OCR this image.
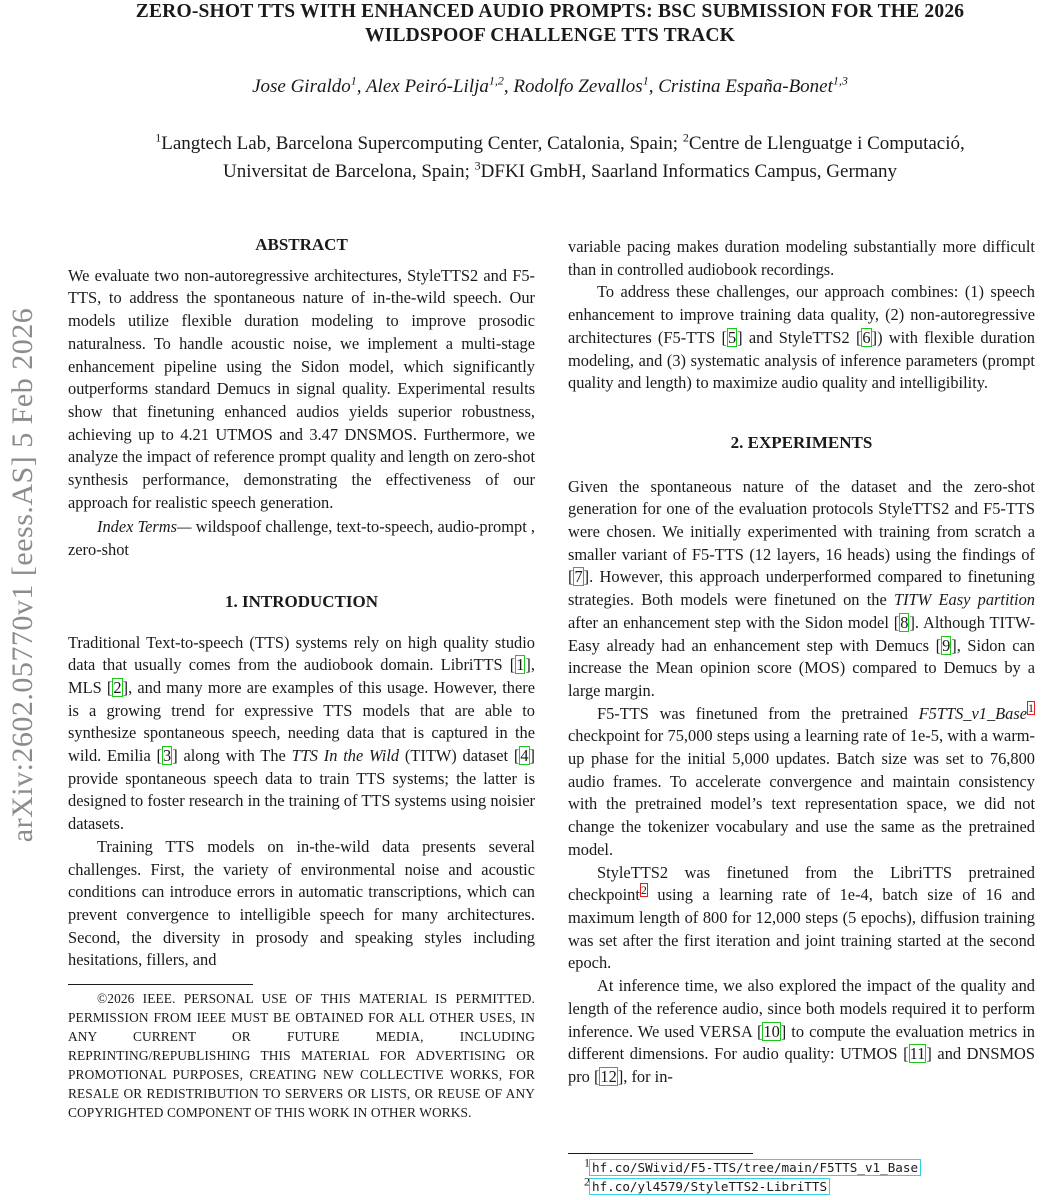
ZERO-SHOT TTS WITH ENHANCED AUDIO PROMPTS: BSC SUBMISSION FOR THE 2026
WILDSPOOF CHALLENGE TTS TRACK
Jose Giraldo$^1$, Alex Peiró-Lilja$^{1,2}$, Rodolfo Zevallos$^1$, Cristina España-Bonet$^{1,3}$
$^1$Langtech Lab, Barcelona Supercomputing Center, Catalonia, Spain; $^2$Centre de Llenguatge i Computació,
Universitat de Barcelona, Spain; $^3$DFKI GmbH, Saarland Informatics Campus, Germany
arXiv:2602.05770v1 [eess.AS] 5 Feb 2026
ABSTRACT

We evaluate two non-autoregressive architectures, StyleTTS2 and F5-TTS, to address the spontaneous nature of in-the-wild speech. Our models utilize flexible duration modeling to improve prosodic naturalness. To handle acoustic noise, we implement a multi-stage enhancement pipeline using the Sidon model, which significantly outperforms standard Demucs in signal quality. Experimental results show that finetuning enhanced audios yields superior robustness, achieving up to 4.21 UTMOS and 3.47 DNSMOS. Furthermore, we analyze the impact of reference prompt quality and length on zero-shot synthesis performance, demonstrating the effectiveness of our approach for realistic speech generation.

Index Terms— wildspoof challenge, text-to-speech, audio-prompt , zero-shot

1. INTRODUCTION

Traditional Text-to-speech (TTS) systems rely on high quality studio data that usually comes from the audiobook domain. LibriTTS [1], MLS [2], and many more are examples of this usage. However, there is a growing trend for expressive TTS models that are able to synthesize spontaneous speech, needing data that is captured in the wild. Emilia [3] along with The TTS In the Wild (TITW) dataset [4] provide spontaneous speech data to train TTS systems; the latter is designed to foster research in the training of TTS systems using noisier datasets.

Training TTS models on in-the-wild data presents several challenges. First, the variety of environmental noise and acoustic conditions can introduce errors in automatic transcriptions, which can prevent convergence to intelligible speech for many architectures. Second, the diversity in prosody and speaking styles including hesitations, fillers, and

©2026 IEEE. PERSONAL USE OF THIS MATERIAL IS PERMITTED. PERMISSION FROM IEEE MUST BE OBTAINED FOR ALL OTHER USES, IN ANY CURRENT OR FUTURE MEDIA, INCLUDING REPRINTING/REPUBLISHING THIS MATERIAL FOR ADVERTISING OR PROMOTIONAL PURPOSES, CREATING NEW COLLECTIVE WORKS, FOR RESALE OR REDISTRIBUTION TO SERVERS OR LISTS, OR REUSE OF ANY COPYRIGHTED COMPONENT OF THIS WORK IN OTHER WORKS.

variable pacing makes duration modeling substantially more difficult than in controlled audiobook recordings.

To address these challenges, our approach combines: (1) speech enhancement to improve training data quality, (2) non-autoregressive architectures (F5-TTS [5] and StyleTTS2 [6]) with flexible duration modeling, and (3) systematic analysis of inference parameters (prompt quality and length) to maximize audio quality and intelligibility.

2. EXPERIMENTS

Given the spontaneous nature of the dataset and the zero-shot generation for one of the evaluation protocols StyleTTS2 and F5-TTS were chosen. We initially experimented with training from scratch a smaller variant of F5-TTS (12 layers, 16 heads) using the findings of [7]. However, this approach underperformed compared to finetuning strategies. Both models were finetuned on the TITW Easy partition after an enhancement step with the Sidon model [8]. Although TITW-Easy already had an enhancement step with Demucs [9], Sidon can increase the Mean opinion score (MOS) compared to Demucs by a large margin.

F5-TTS was finetuned from the pretrained F5TTS_v1_Base$^1$ checkpoint for 75,000 steps using a learning rate of 1e-5, with a warm-up phase for the initial 5,000 updates. Batch size was set to 76,800 audio frames. To accelerate convergence and maintain consistency with the pretrained model’s text representation space, we did not change the tokenizer vocabulary and use the same as the pretrained model.

StyleTTS2 was finetuned from the LibriTTS pretrained checkpoint$^2$ using a learning rate of 1e-4, batch size of 16 and maximum length of 800 for 12,000 steps (5 epochs), diffusion training was set after the first iteration and joint training started at the second epoch.

At inference time, we also explored the impact of the quality and length of the reference audio, since both models required it to perform inference. We used VERSA [10] to compute the evaluation metrics in different dimensions. For audio quality: UTMOS [11] and DNSMOS pro [12], for in-

$^1$ hf.co/SWivid/F5-TTS/tree/main/F5TTS_v1_Base
$^2$ hf.co/yl4579/StyleTTS2-LibriTTS
